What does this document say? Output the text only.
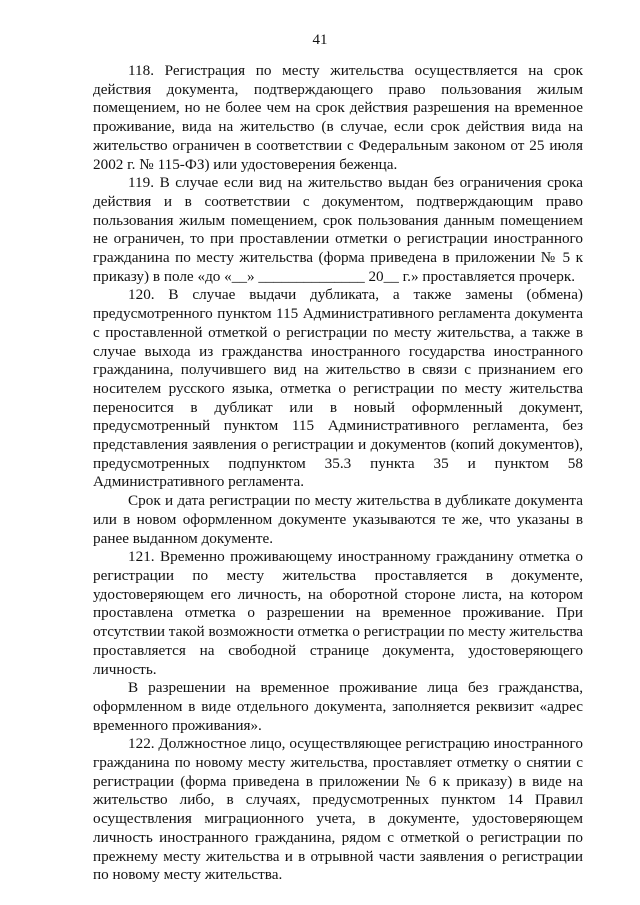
41

118. Регистрация по месту жительства осуществляется на срок действия документа, подтверждающего право пользования жилым помещением, но не более чем на срок действия разрешения на временное проживание, вида на жительство (в случае, если срок действия вида на жительство ограничен в соответствии с Федеральным законом от 25 июля 2002 г. № 115-ФЗ) или удостоверения беженца.

119. В случае если вид на жительство выдан без ограничения срока действия и в соответствии с документом, подтверждающим право пользования жилым помещением, срок пользования данным помещением не ограничен, то при проставлении отметки о регистрации иностранного гражданина по месту жительства (форма приведена в приложении № 5 к приказу) в поле «до «__» ______________ 20__ г.» проставляется прочерк.

120. В случае выдачи дубликата, а также замены (обмена) предусмотренного пунктом 115 Административного регламента документа с проставленной отметкой о регистрации по месту жительства, а также в случае выхода из гражданства иностранного государства иностранного гражданина, получившего вид на жительство в связи с признанием его носителем русского языка, отметка о регистрации по месту жительства переносится в дубликат или в новый оформленный документ, предусмотренный пунктом 115 Административного регламента, без представления заявления о регистрации и документов (копий документов), предусмотренных подпунктом 35.3 пункта 35 и пунктом 58 Административного регламента.

Срок и дата регистрации по месту жительства в дубликате документа или в новом оформленном документе указываются те же, что указаны в ранее выданном документе.

121. Временно проживающему иностранному гражданину отметка о регистрации по месту жительства проставляется в документе, удостоверяющем его личность, на оборотной стороне листа, на котором проставлена отметка о разрешении на временное проживание. При отсутствии такой возможности отметка о регистрации по месту жительства проставляется на свободной странице документа, удостоверяющего личность.

В разрешении на временное проживание лица без гражданства, оформленном в виде отдельного документа, заполняется реквизит «адрес временного проживания».

122. Должностное лицо, осуществляющее регистрацию иностранного гражданина по новому месту жительства, проставляет отметку о снятии с регистрации (форма приведена в приложении № 6 к приказу) в виде на жительство либо, в случаях, предусмотренных пунктом 14 Правил осуществления миграционного учета, в документе, удостоверяющем личность иностранного гражданина, рядом с отметкой о регистрации по прежнему месту жительства и в отрывной части заявления о регистрации по новому месту жительства.
